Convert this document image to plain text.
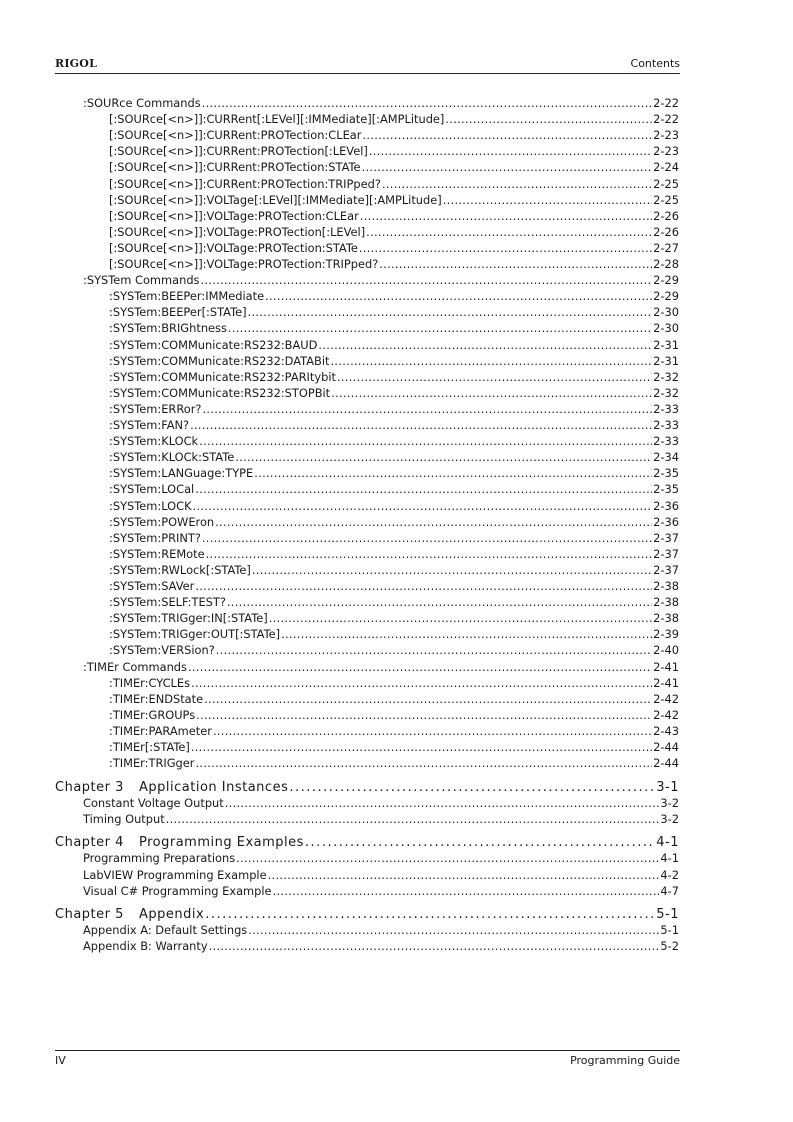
RIGOL	Contents
:SOURce Commands .....	2-22
[:SOURce[<n>]]:CURRent[:LEVel][:IMMediate][:AMPLitude] .....	2-22
[:SOURce[<n>]]:CURRent:PROTection:CLEar .....	2-23
[:SOURce[<n>]]:CURRent:PROTection[:LEVel] .....	2-23
[:SOURce[<n>]]:CURRent:PROTection:STATe .....	2-24
[:SOURce[<n>]]:CURRent:PROTection:TRIPped? .....	2-25
[:SOURce[<n>]]:VOLTage[:LEVel][:IMMediate][:AMPLitude] .....	2-25
[:SOURce[<n>]]:VOLTage:PROTection:CLEar .....	2-26
[:SOURce[<n>]]:VOLTage:PROTection[:LEVel] .....	2-26
[:SOURce[<n>]]:VOLTage:PROTection:STATe .....	2-27
[:SOURce[<n>]]:VOLTage:PROTection:TRIPped? .....	2-28
:SYSTem Commands .....	2-29
:SYSTem:BEEPer:IMMediate .....	2-29
:SYSTem:BEEPer[:STATe] .....	2-30
:SYSTem:BRIGhtness .....	2-30
:SYSTem:COMMunicate:RS232:BAUD .....	2-31
:SYSTem:COMMunicate:RS232:DATABit .....	2-31
:SYSTem:COMMunicate:RS232:PARItybit .....	2-32
:SYSTem:COMMunicate:RS232:STOPBit .....	2-32
:SYSTem:ERRor? .....	2-33
:SYSTem:FAN? .....	2-33
:SYSTem:KLOCk .....	2-33
:SYSTem:KLOCk:STATe .....	2-34
:SYSTem:LANGuage:TYPE .....	2-35
:SYSTem:LOCal .....	2-35
:SYSTem:LOCK .....	2-36
:SYSTem:POWEron .....	2-36
:SYSTem:PRINT? .....	2-37
:SYSTem:REMote .....	2-37
:SYSTem:RWLock[:STATe] .....	2-37
:SYSTem:SAVer .....	2-38
:SYSTem:SELF:TEST? .....	2-38
:SYSTem:TRIGger:IN[:STATe] .....	2-38
:SYSTem:TRIGger:OUT[:STATe] .....	2-39
:SYSTem:VERSion? .....	2-40
:TIMEr Commands .....	2-41
:TIMEr:CYCLEs .....	2-41
:TIMEr:ENDState .....	2-42
:TIMEr:GROUPs .....	2-42
:TIMEr:PARAmeter .....	2-43
:TIMEr[:STATe] .....	2-44
:TIMEr:TRIGger .....	2-44
Chapter 3	Application Instances .....	3-1
Constant Voltage Output .....	3-2
Timing Output .....	3-2
Chapter 4	Programming Examples .....	4-1
Programming Preparations .....	4-1
LabVIEW Programming Example .....	4-2
Visual C# Programming Example .....	4-7
Chapter 5	Appendix .....	5-1
Appendix A: Default Settings .....	5-1
Appendix B: Warranty .....	5-2
IV	Programming Guide
